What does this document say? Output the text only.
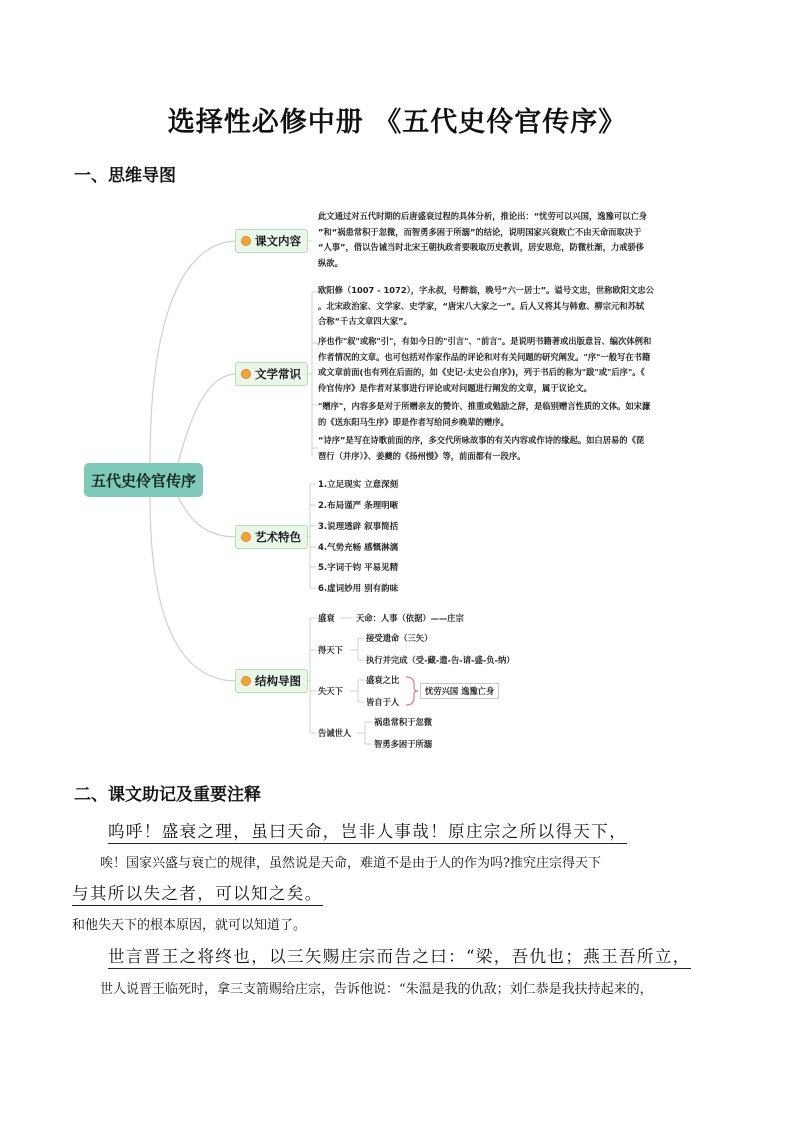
选择性必修中册 《五代史伶官传序》
一、思维导图
五代史伶官传序
课文内容
文学常识
艺术特色
结构导图
此文通过对五代时期的后唐盛衰过程的具体分析，推论出：“忧劳可以兴国，逸豫可以亡身
”和“祸患常积于忽微，而智勇多困于所溺”的结论，说明国家兴衰败亡不由天命而取决于
“人事”，借以告诫当时北宋王朝执政者要吸取历史教训，居安思危，防微杜渐，力戒骄侈
纵欲。
欧阳修（1007 - 1072），字永叔，号醉翁，晚号“六一居士”。谥号文忠，世称欧阳文忠公
。北宋政治家、文学家、史学家，“唐宋八大家之一”。后人又将其与韩愈、柳宗元和苏轼
合称“千古文章四大家”。
序也作"叙"或称"引"，有如今日的"引言"、"前言"。是说明书籍著或出版意旨、编次体例和
作者情况的文章。也可包括对作家作品的评论和对有关问题的研究阐发。"序"一般写在书籍
或文章前面(也有列在后面的，如《史记·太史公自序》)，列于书后的称为"跋"或"后序"。《
伶官传序》是作者对某事进行评论或对问题进行阐发的文章，属于议论文。
"赠序"，内容多是对于所赠亲友的赞许、推重或勉励之辞，是临别赠言性质的文体。如宋濂
的《送东阳马生序》即是作者写给同乡晚辈的赠序。
“诗序”是写在诗歌前面的序，多交代所咏故事的有关内容或作诗的缘起。如白居易的《琵
琶行（并序）》、姜夔的《扬州慢》等，前面都有一段序。
1.立足现实 立意深刻
2.布局谨严 条理明晰
3.说理透辟 叙事简括
4.气势充畅 感慨淋漓
5.字词千钧 平易见精
6.虚词妙用 别有韵味
盛衰	天命：人事（依据）——庄宗
得天下
接受遗命（三矢）
执行并完成（受-藏-遣-告-请-盛-负-纳）
失天下
盛衰之比
皆自于人
忧劳兴国 逸豫亡身
告诫世人
祸患常积于忽微
智勇多困于所溺
二、课文助记及重要注释
呜呼！盛衰之理，虽曰天命，岂非人事哉！原庄宗之所以得天下，
唉！国家兴盛与衰亡的规律，虽然说是天命，难道不是由于人的作为吗?推究庄宗得天下
与其所以失之者，可以知之矣。
和他失天下的根本原因，就可以知道了。
世言晋王之将终也，以三矢赐庄宗而告之曰：“梁，吾仇也；燕王吾所立，
世人说晋王临死时，拿三支箭赐给庄宗，告诉他说：“朱温是我的仇敌；刘仁恭是我扶持起来的，
